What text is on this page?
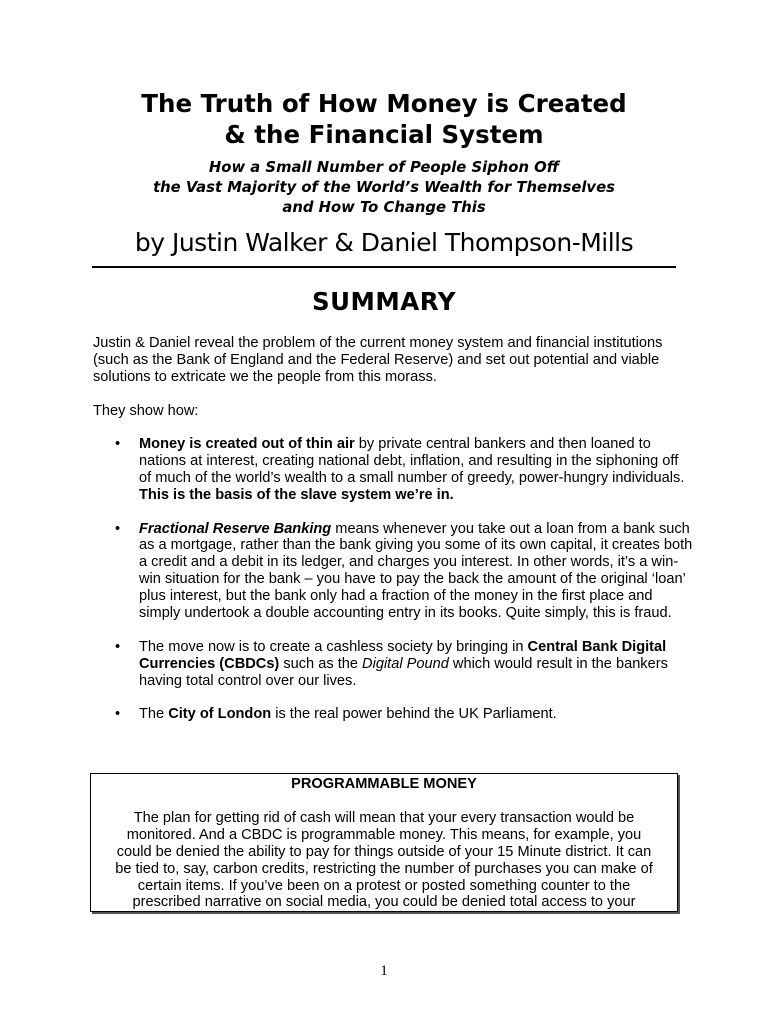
The Truth of How Money is Created
& the Financial System
How a Small Number of People Siphon Off
the Vast Majority of the World’s Wealth for Themselves
and How To Change This
by Justin Walker & Daniel Thompson-Mills
SUMMARY
Justin & Daniel reveal the problem of the current money system and financial institutions (such as the Bank of England and the Federal Reserve) and set out potential and viable solutions to extricate we the people from this morass.
They show how:
• Money is created out of thin air by private central bankers and then loaned to nations at interest, creating national debt, inflation, and resulting in the siphoning off of much of the world’s wealth to a small number of greedy, power-hungry individuals.
This is the basis of the slave system we’re in.
• Fractional Reserve Banking means whenever you take out a loan from a bank such as a mortgage, rather than the bank giving you some of its own capital, it creates both a credit and a debit in its ledger, and charges you interest. In other words, it’s a win-win situation for the bank – you have to pay the back the amount of the original ‘loan’ plus interest, but the bank only had a fraction of the money in the first place and simply undertook a double accounting entry in its books. Quite simply, this is fraud.
• The move now is to create a cashless society by bringing in Central Bank Digital Currencies (CBDCs) such as the Digital Pound which would result in the bankers having total control over our lives.
• The City of London is the real power behind the UK Parliament.
PROGRAMMABLE MONEY
The plan for getting rid of cash will mean that your every transaction would be
monitored. And a CBDC is programmable money. This means, for example, you
could be denied the ability to pay for things outside of your 15 Minute district. It can
be tied to, say, carbon credits, restricting the number of purchases you can make of
certain items. If you’ve been on a protest or posted something counter to the
prescribed narrative on social media, you could be denied total access to your
1
